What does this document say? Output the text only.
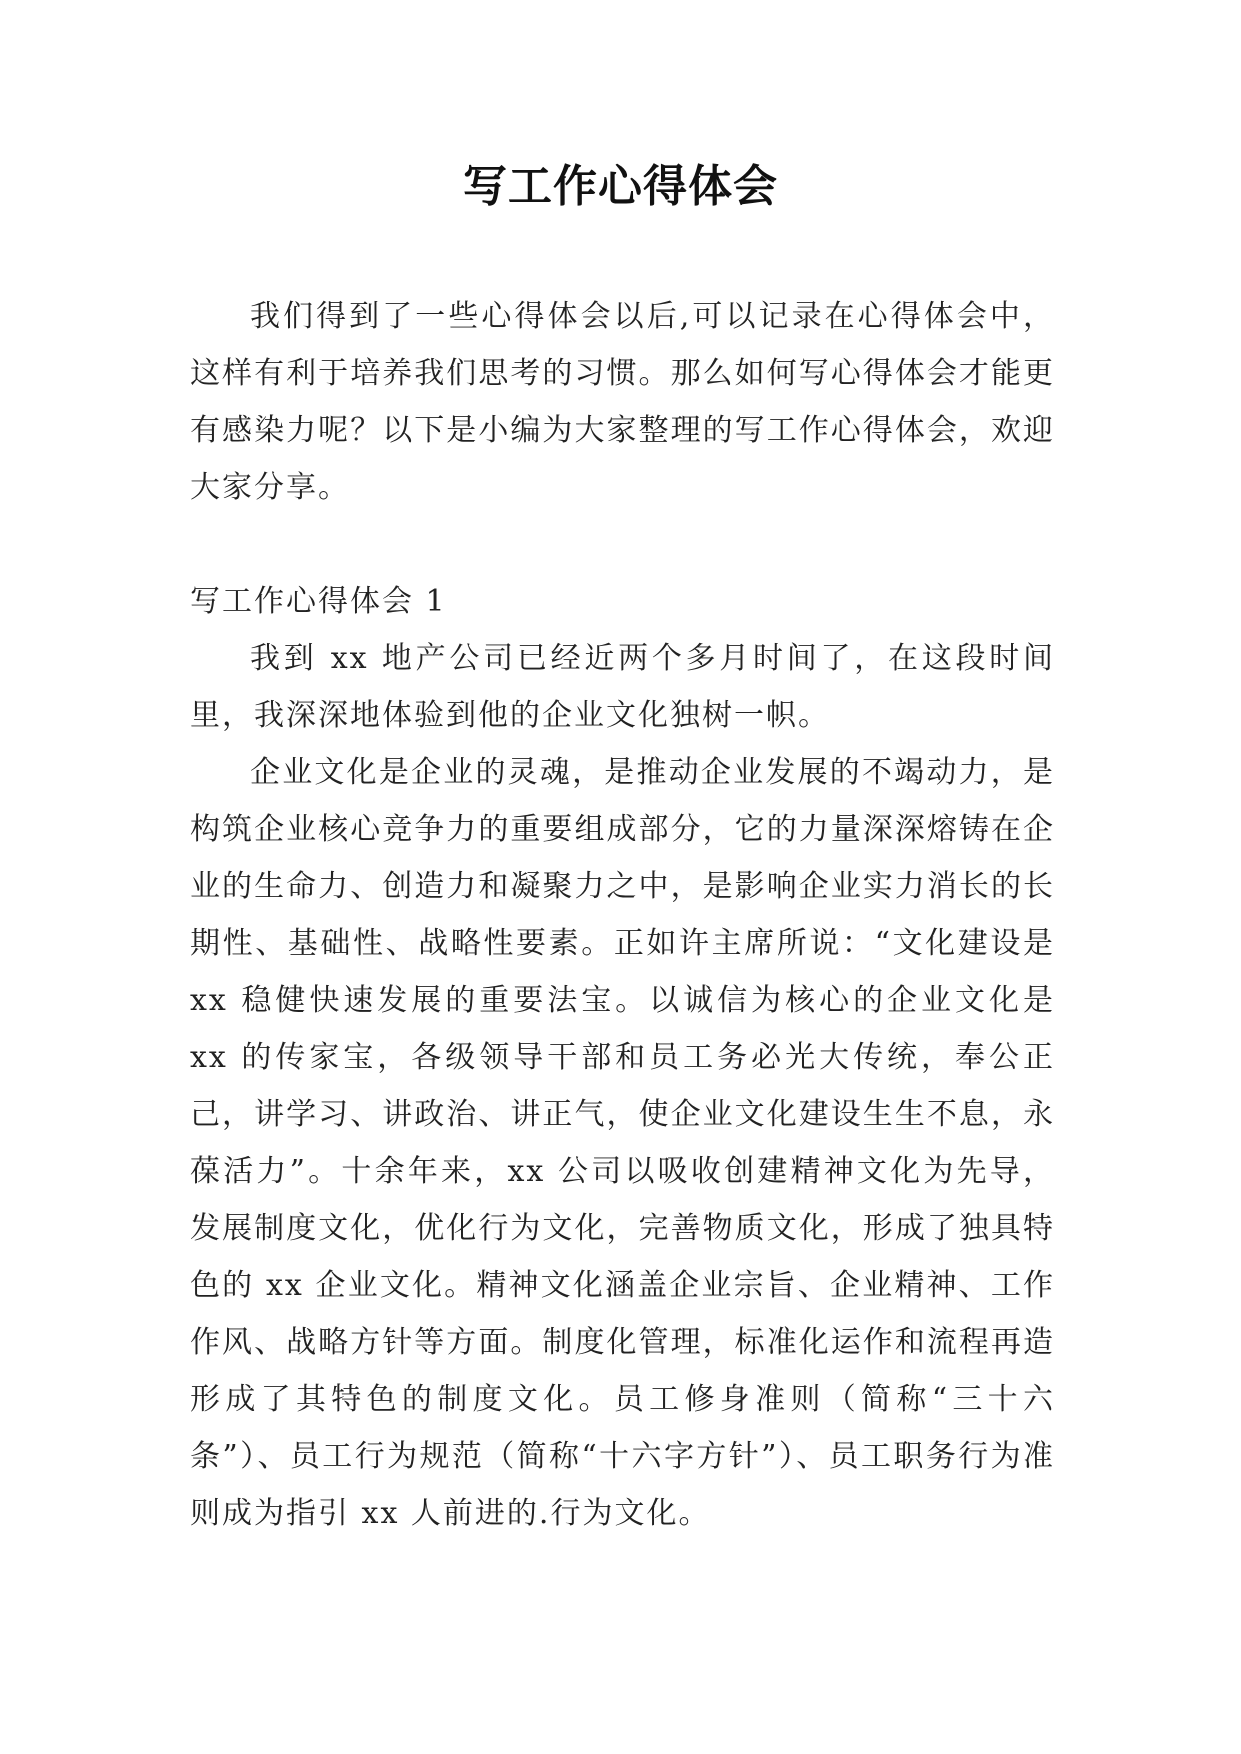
写工作心得体会

我们得到了一些心得体会以后,可以记录在心得体会中，这样有利于培养我们思考的习惯。那么如何写心得体会才能更有感染力呢？以下是小编为大家整理的写工作心得体会，欢迎大家分享。

写工作心得体会 1

我到 xx 地产公司已经近两个多月时间了，在这段时间里，我深深地体验到他的企业文化独树一帜。

企业文化是企业的灵魂，是推动企业发展的不竭动力，是构筑企业核心竞争力的重要组成部分，它的力量深深熔铸在企业的生命力、创造力和凝聚力之中，是影响企业实力消长的长期性、基础性、战略性要素。正如许主席所说：“文化建设是 xx 稳健快速发展的重要法宝。以诚信为核心的企业文化是 xx 的传家宝，各级领导干部和员工务必光大传统，奉公正己，讲学习、讲政治、讲正气，使企业文化建设生生不息，永葆活力”。十余年来，xx 公司以吸收创建精神文化为先导，发展制度文化，优化行为文化，完善物质文化，形成了独具特色的 xx 企业文化。精神文化涵盖企业宗旨、企业精神、工作作风、战略方针等方面。制度化管理，标准化运作和流程再造形成了其特色的制度文化。员工修身准则（简称“三十六条”）、员工行为规范（简称“十六字方针”）、员工职务行为准则成为指引 xx 人前进的.行为文化。
